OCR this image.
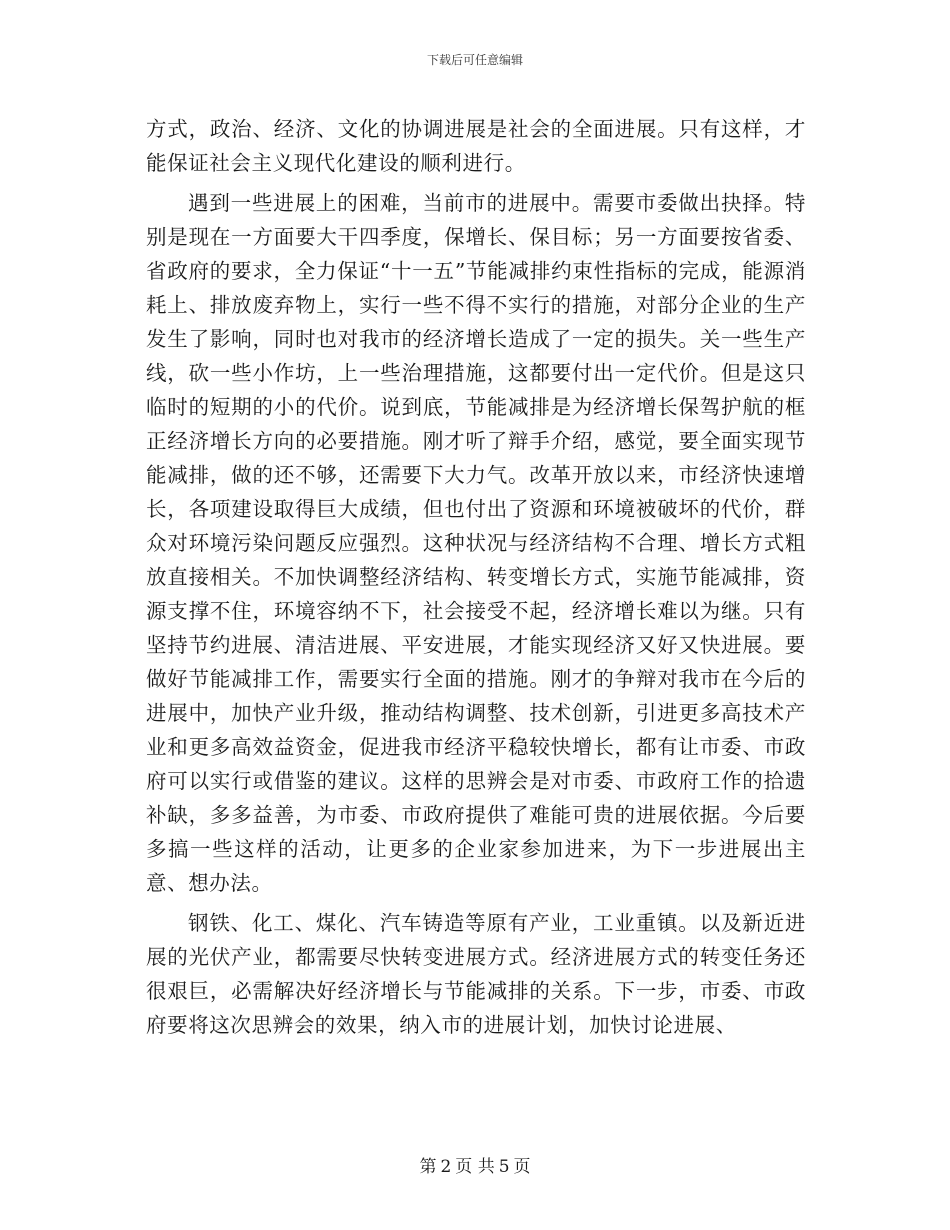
下载后可任意编辑

方式，政治、经济、文化的协调进展是社会的全面进展。只有这样，才能保证社会主义现代化建设的顺利进行。

遇到一些进展上的困难，当前市的进展中。需要市委做出抉择。特别是现在一方面要大干四季度，保增长、保目标；另一方面要按省委、省政府的要求，全力保证“十一五”节能减排约束性指标的完成，能源消耗上、排放废弃物上，实行一些不得不实行的措施，对部分企业的生产发生了影响，同时也对我市的经济增长造成了一定的损失。关一些生产线，砍一些小作坊，上一些治理措施，这都要付出一定代价。但是这只临时的短期的小的代价。说到底，节能减排是为经济增长保驾护航的框正经济增长方向的必要措施。刚才听了辩手介绍，感觉，要全面实现节能减排，做的还不够，还需要下大力气。改革开放以来，市经济快速增长，各项建设取得巨大成绩，但也付出了资源和环境被破坏的代价，群众对环境污染问题反应强烈。这种状况与经济结构不合理、增长方式粗放直接相关。不加快调整经济结构、转变增长方式，实施节能减排，资源支撑不住，环境容纳不下，社会接受不起，经济增长难以为继。只有坚持节约进展、清洁进展、平安进展，才能实现经济又好又快进展。要做好节能减排工作，需要实行全面的措施。刚才的争辩对我市在今后的进展中，加快产业升级，推动结构调整、技术创新，引进更多高技术产业和更多高效益资金，促进我市经济平稳较快增长，都有让市委、市政府可以实行或借鉴的建议。这样的思辨会是对市委、市政府工作的拾遗补缺，多多益善，为市委、市政府提供了难能可贵的进展依据。今后要多搞一些这样的活动，让更多的企业家参加进来，为下一步进展出主意、想办法。

钢铁、化工、煤化、汽车铸造等原有产业，工业重镇。以及新近进展的光伏产业，都需要尽快转变进展方式。经济进展方式的转变任务还很艰巨，必需解决好经济增长与节能减排的关系。下一步，市委、市政府要将这次思辨会的效果，纳入市的进展计划，加快讨论进展、

第 2 页 共 5 页
